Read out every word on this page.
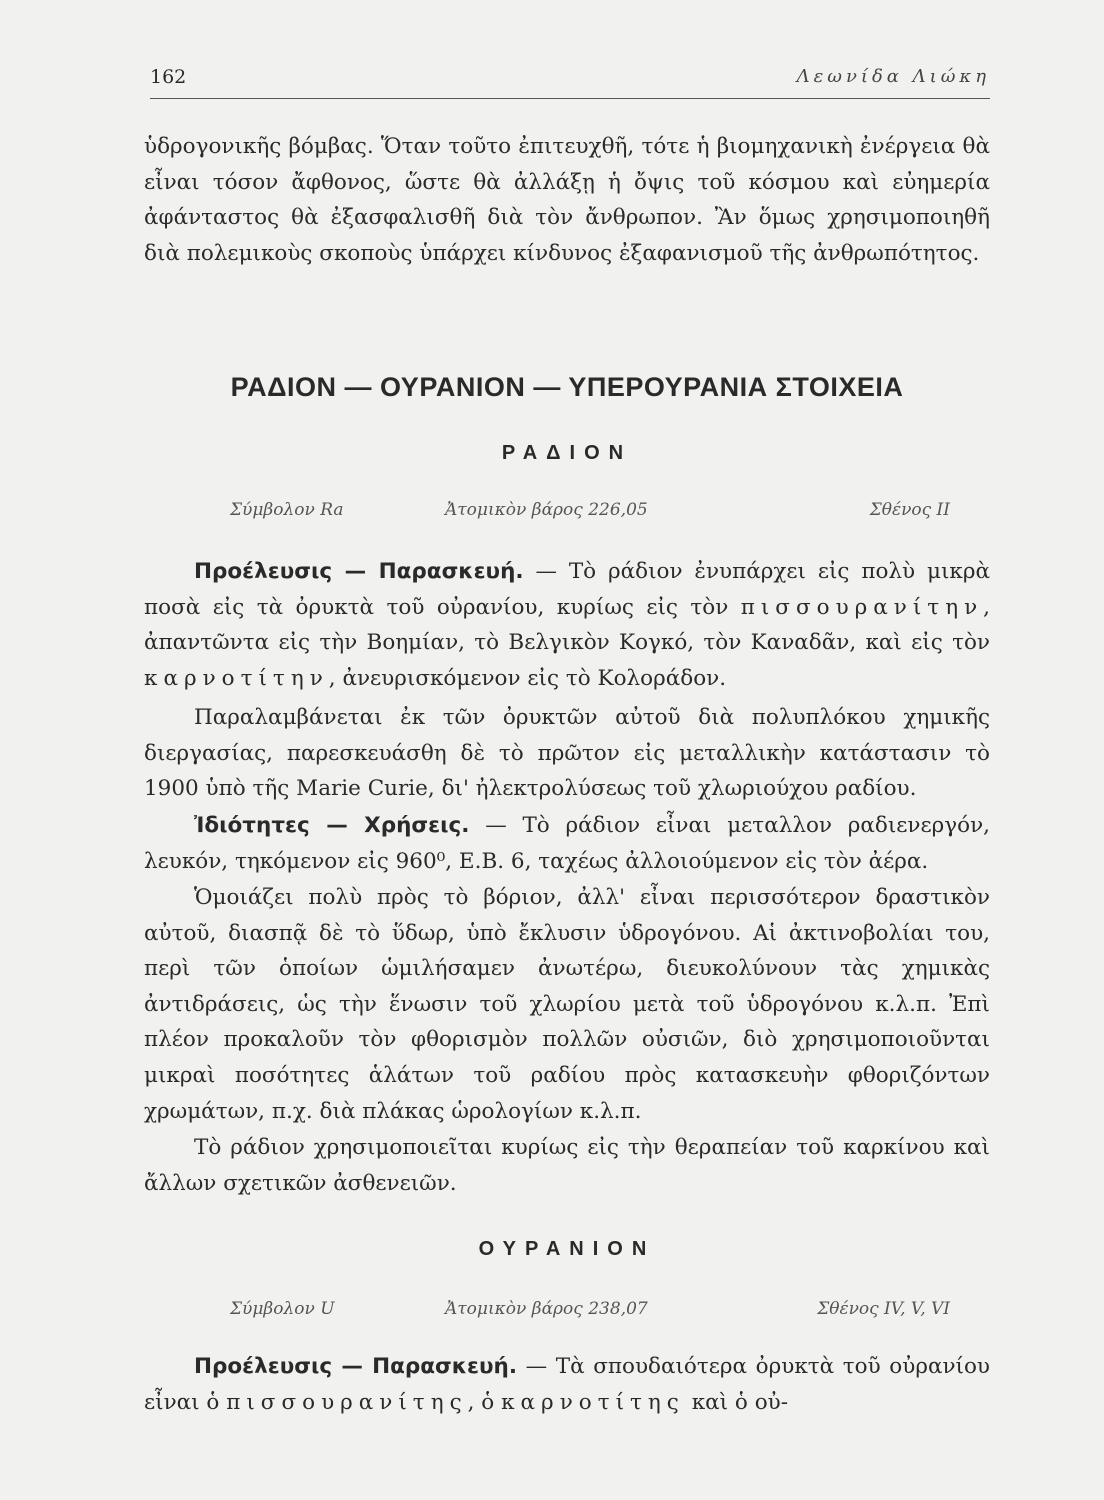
162	Λεωνίδα Λιώκη

ὑδρογονικῆς βόμβας. Ὅταν τοῦτο ἐπιτευχθῆ, τότε ἡ βιομηχανικὴ ἐνέργεια θὰ εἶναι τόσον ἄφθονος, ὥστε θὰ ἀλλάξῃ ἡ ὄψις τοῦ κόσμου καὶ εὐημερία ἀφάνταστος θὰ ἐξασφαλισθῆ διὰ τὸν ἄνθρωπον. Ἂν ὅμως χρησιμοποιηθῆ διὰ πολεμικοὺς σκοποὺς ὑπάρχει κίνδυνος ἐξαφανισμοῦ τῆς ἀνθρωπότητος.

ΡΑΔΙΟΝ — ΟΥΡΑΝΙΟΝ — ΥΠΕΡΟΥΡΑΝΙΑ ΣΤΟΙΧΕΙΑ
ΡΑΔΙΟΝ
Σύμβολον Ra	Ἀτομικὸν βάρος 226,05	Σθένος II

Προέλευσις — Παρασκευή. — Τὸ ράδιον ἐνυπάρχει εἰς πολὺ μικρὰ ποσὰ εἰς τὰ ὀρυκτὰ τοῦ οὐρανίου, κυρίως εἰς τὸν πισσουρανίτην, ἀπαντῶντα εἰς τὴν Βοημίαν, τὸ Βελγικὸν Κογκό, τὸν Καναδᾶν, καὶ εἰς τὸν καρνοτίτην, ἀνευρισκόμενον εἰς τὸ Κολοράδον.

Παραλαμβάνεται ἐκ τῶν ὀρυκτῶν αὐτοῦ διὰ πολυπλόκου χημικῆς διεργασίας, παρεσκευάσθη δὲ τὸ πρῶτον εἰς μεταλλικὴν κατάστασιν τὸ 1900 ὑπὸ τῆς Marie Curie, δι' ἠλεκτρολύσεως τοῦ χλωριούχου ραδίου.

Ἰδιότητες — Χρήσεις. — Τὸ ράδιον εἶναι μεταλλον ραδιενεργόν, λευκόν, τηκόμενον εἰς 960⁰, Ε.Β. 6, ταχέως ἀλλοιούμενον εἰς τὸν ἀέρα.

Ὁμοιάζει πολὺ πρὸς τὸ βόριον, ἀλλ' εἶναι περισσότερον δραστικὸν αὐτοῦ, διασπᾷ δὲ τὸ ὕδωρ, ὑπὸ ἔκλυσιν ὑδρογόνου. Αἱ ἀκτινοβολίαι του, περὶ τῶν ὁποίων ὡμιλήσαμεν ἀνωτέρω, διευκολύνουν τὰς χημικὰς ἀντιδράσεις, ὡς τὴν ἕνωσιν τοῦ χλωρίου μετὰ τοῦ ὑδρογόνου κ.λ.π. Ἐπὶ πλέον προκαλοῦν τὸν φθορισμὸν πολλῶν οὐσιῶν, διὸ χρησιμοποιοῦνται μικραὶ ποσότητες ἁλάτων τοῦ ραδίου πρὸς κατασκευὴν φθοριζόντων χρωμάτων, π.χ. διὰ πλάκας ὡρολογίων κ.λ.π.

Τὸ ράδιον χρησιμοποιεῖται κυρίως εἰς τὴν θεραπείαν τοῦ καρκίνου καὶ ἄλλων σχετικῶν ἀσθενειῶν.

ΟΥΡΑΝΙΟΝ
Σύμβολον U	Ἀτομικὸν βάρος 238,07	Σθένος IV, V, VI

Προέλευσις — Παρασκευή. — Τὰ σπουδαιότερα ὀρυκτὰ τοῦ οὐρανίου εἶναι ὁ πισσουρανίτης, ὁ καρνοτίτης καὶ ὁ οὐ-
